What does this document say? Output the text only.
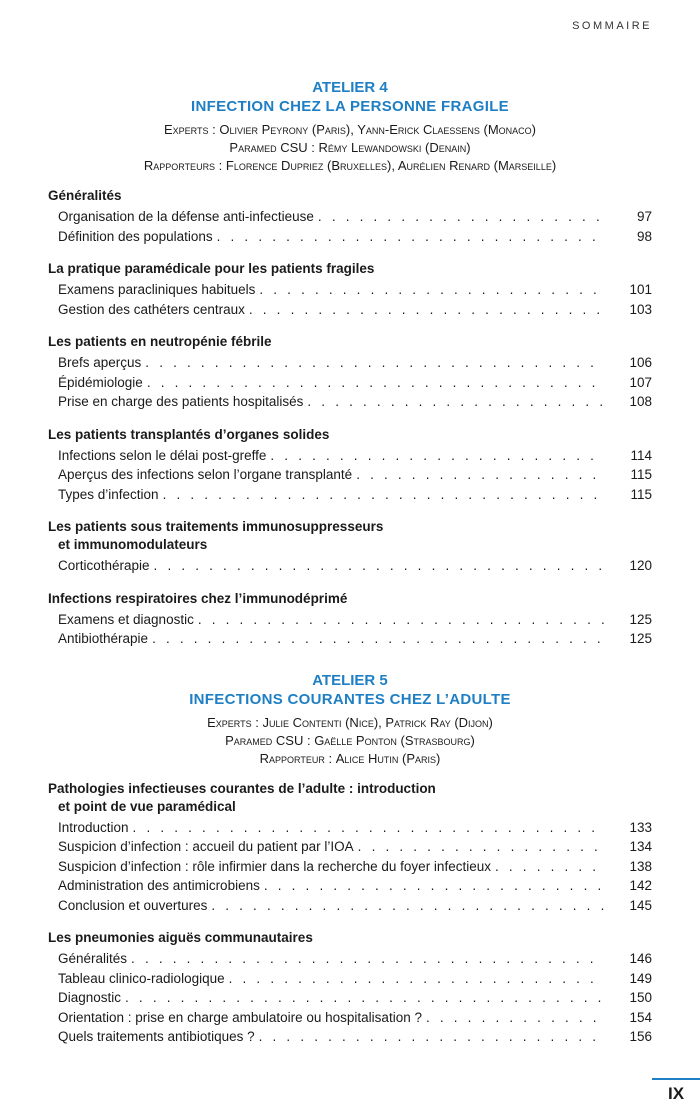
SOMMAIRE
ATELIER 4
INFECTION CHEZ LA PERSONNE FRAGILE
Experts : Olivier Peyrony (Paris), Yann-Erick Claessens (Monaco)
Paramed CSU : Rémy Lewandowski (Denain)
Rapporteurs : Florence Dupriez (Bruxelles), Aurélien Renard (Marseille)
Généralités
Organisation de la défense anti-infectieuse . . .	97
Définition des populations . . .	98
La pratique paramédicale pour les patients fragiles
Examens paracliniques habituels . . .	101
Gestion des cathéters centraux . . .	103
Les patients en neutropénie fébrile
Brefs aperçus . . .	106
Épidémiologie . . .	107
Prise en charge des patients hospitalisés . . .	108
Les patients transplantés d’organes solides
Infections selon le délai post-greffe . . .	114
Aperçus des infections selon l’organe transplanté . . .	115
Types d’infection . . .	115
Les patients sous traitements immunosuppresseurs
et immunomodulateurs
Corticothérapie . . .	120
Infections respiratoires chez l’immunodéprimé
Examens et diagnostic . . .	125
Antibiothérapie . . .	125
ATELIER 5
INFECTIONS COURANTES CHEZ L’ADULTE
Experts : Julie Contenti (Nice), Patrick Ray (Dijon)
Paramed CSU : Gaëlle Ponton (Strasbourg)
Rapporteur : Alice Hutin (Paris)
Pathologies infectieuses courantes de l’adulte : introduction
et point de vue paramédical
Introduction . . .	133
Suspicion d’infection : accueil du patient par l’IOA . . .	134
Suspicion d’infection : rôle infirmier dans la recherche du foyer infectieux . . .	138
Administration des antimicrobiens . . .	142
Conclusion et ouvertures . . .	145
Les pneumonies aiguës communautaires
Généralités . . .	146
Tableau clinico-radiologique . . .	149
Diagnostic . . .	150
Orientation : prise en charge ambulatoire ou hospitalisation ? . . .	154
Quels traitements antibiotiques ? . . .	156
IX
